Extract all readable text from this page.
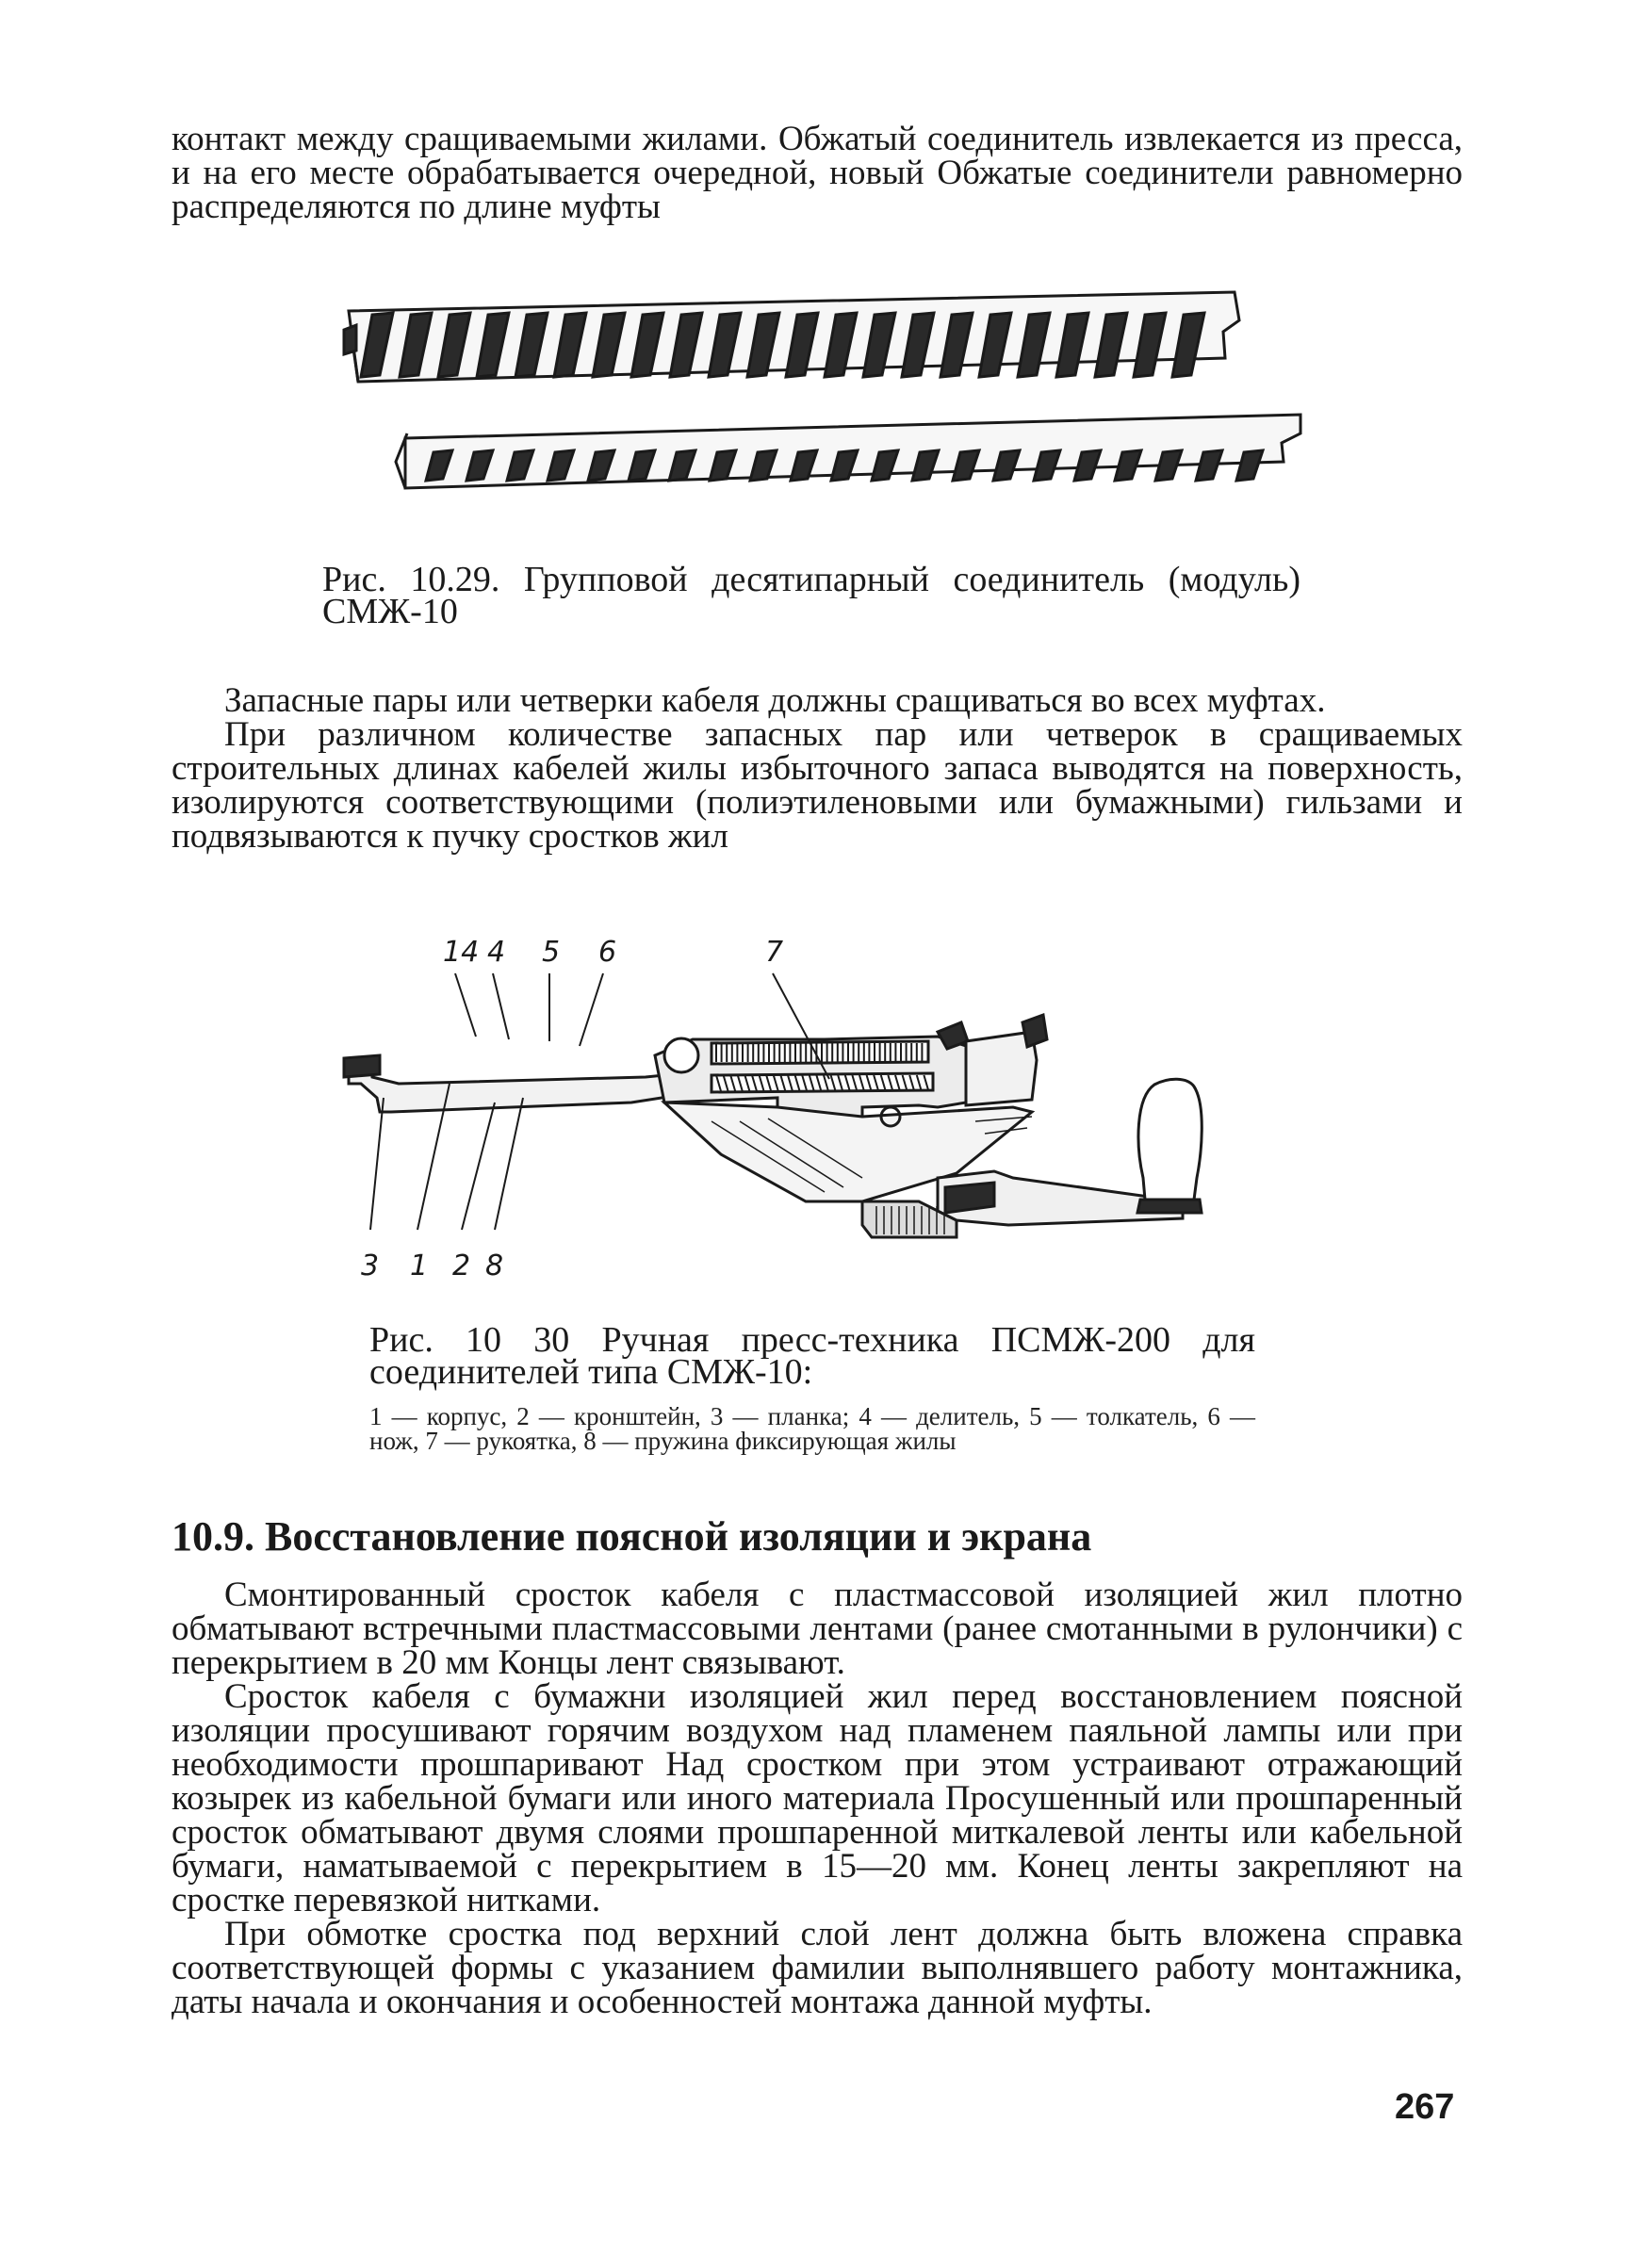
контакт между сращиваемыми жилами. Обжатый соединитель извлекается из пресса, и на его месте обрабатывается очередной, новый Обжатые соединители равномерно распределяются по длине муфты

Рис. 10.29. Групповой десятипарный соединитель (модуль) СМЖ-10

Запасные пары или четверки кабеля должны сращиваться во всех муфтах.

При различном количестве запасных пар или четверок в сращиваемых строительных длинах кабелей жилы избыточного запаса выводятся на поверхность, изолируются соответствующими (полиэтиленовыми или бумажными) гильзами и подвязываются к пучку сростков жил

14 4 5 6	7
3 1 2 8

Рис. 10 30 Ручная пресс-техника ПСМЖ-200 для соединителей типа СМЖ-10:

1 — корпус, 2 — кронштейн, 3 — планка; 4 — делитель, 5 — толкатель, 6 — нож, 7 — рукоятка, 8 — пружина фиксирующая жилы

10.9. Восстановление поясной изоляции и экрана

Смонтированный сросток кабеля с пластмассовой изоляцией жил плотно обматывают встречными пластмассовыми лентами (ранее смотанными в рулончики) с перекрытием в 20 мм Концы лент связывают.

Сросток кабеля с бумажни изоляцией жил перед восстановлением поясной изоляции просушивают горячим воздухом над пламенем паяльной лампы или при необходимости прошпаривают Над сростком при этом устраивают отражающий козырек из кабельной бумаги или иного материала Просушенный или прошпаренный сросток обматывают двумя слоями прошпаренной миткалевой ленты или кабельной бумаги, наматываемой с перекрытием в 15—20 мм. Конец ленты закрепляют на сростке перевязкой нитками.

При обмотке сростка под верхний слой лент должна быть вложена справка соответствующей формы с указанием фамилии выполнявшего работу монтажника, даты начала и окончания и особенностей монтажа данной муфты.

267
